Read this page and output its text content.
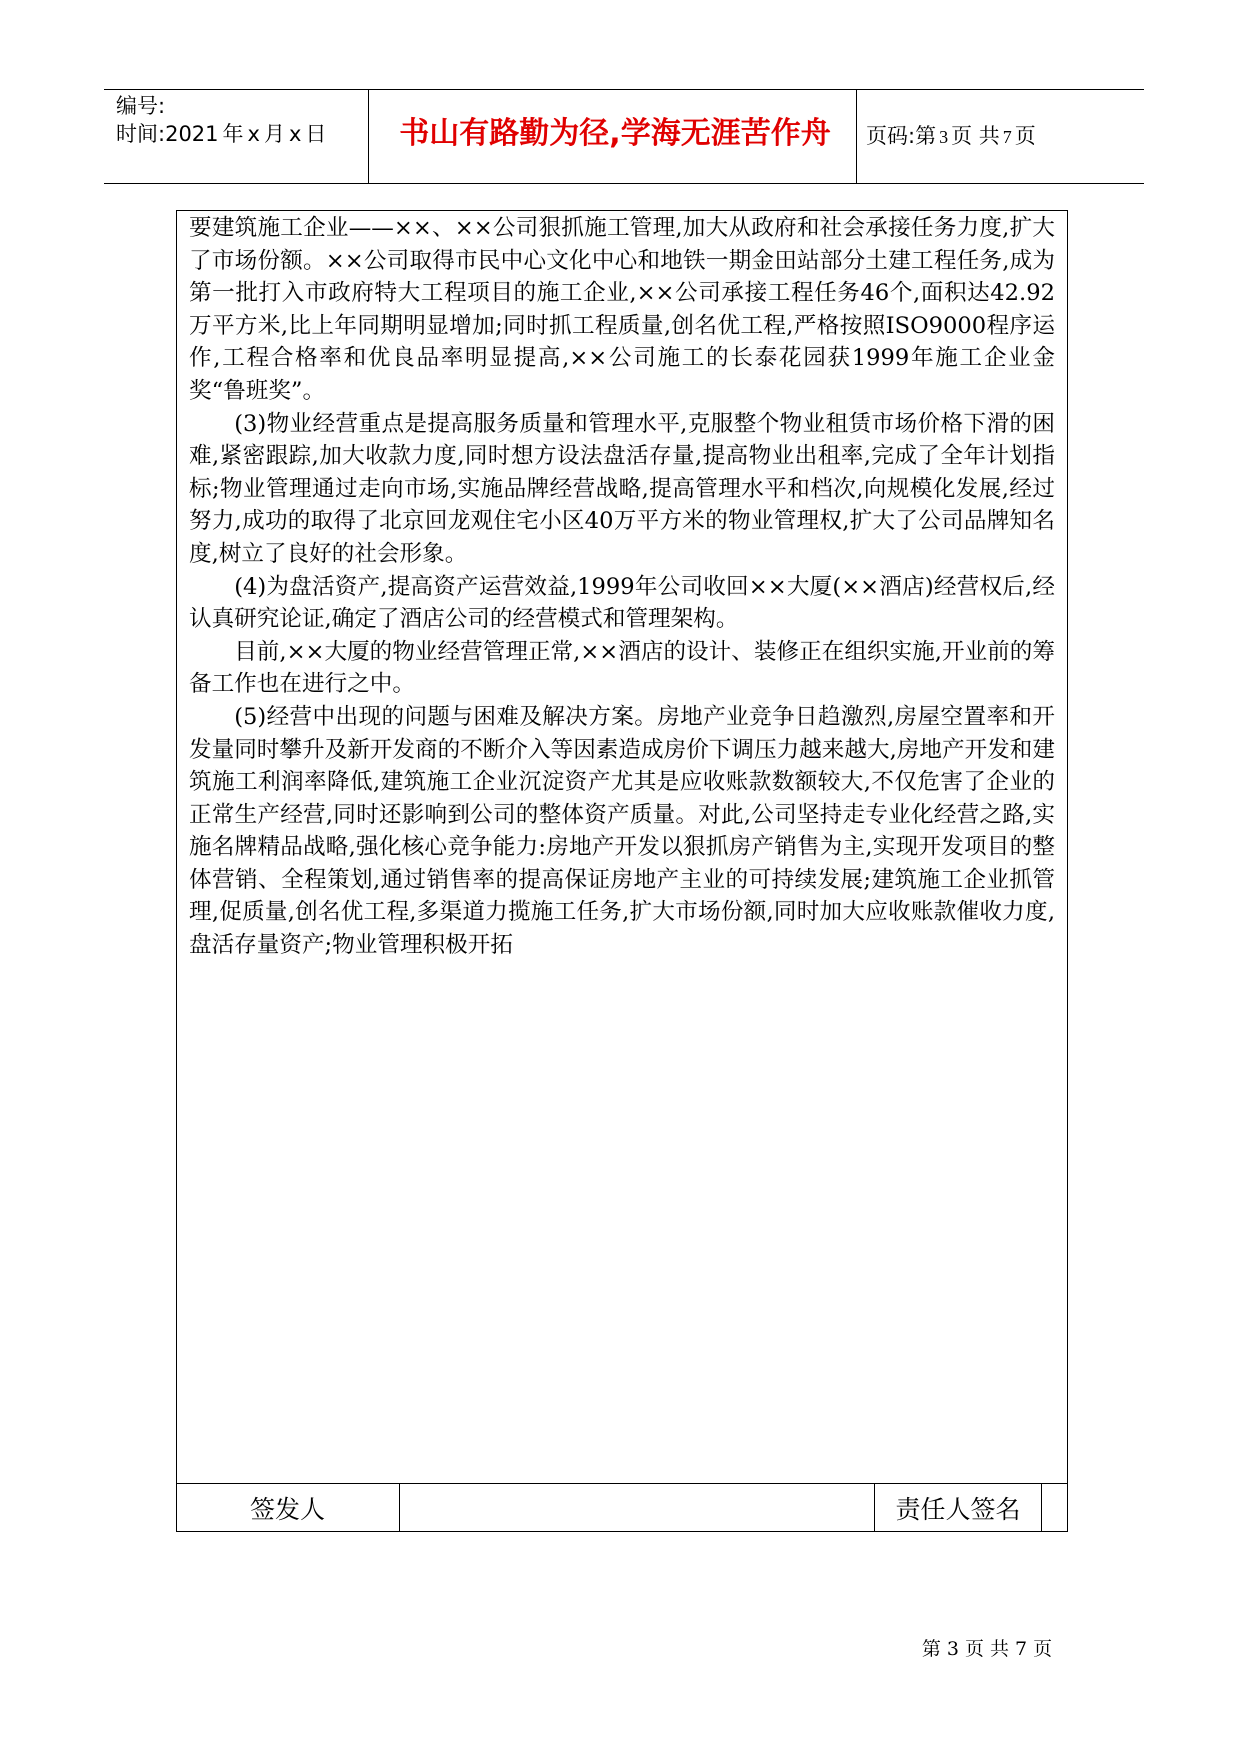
编号:
时间:2021 年 x 月 x 日	书山有路勤为径,学海无涯苦作舟	页码:第 3 页 共 7 页

要建筑施工企业——××、××公司狠抓施工管理,加大从政府和社会承接任务力度,扩大了市场份额。××公司取得市民中心文化中心和地铁一期金田站部分土建工程任务,成为第一批打入市政府特大工程项目的施工企业,××公司承接工程任务46个,面积达42.92万平方米,比上年同期明显增加;同时抓工程质量,创名优工程,严格按照ISO9000程序运作,工程合格率和优良品率明显提高,××公司施工的长泰花园获1999年施工企业金奖“鲁班奖”。

(3)物业经营重点是提高服务质量和管理水平,克服整个物业租赁市场价格下滑的困难,紧密跟踪,加大收款力度,同时想方设法盘活存量,提高物业出租率,完成了全年计划指标;物业管理通过走向市场,实施品牌经营战略,提高管理水平和档次,向规模化发展,经过努力,成功的取得了北京回龙观住宅小区40万平方米的物业管理权,扩大了公司品牌知名度,树立了良好的社会形象。

(4)为盘活资产,提高资产运营效益,1999年公司收回××大厦(××酒店)经营权后,经认真研究论证,确定了酒店公司的经营模式和管理架构。

目前,××大厦的物业经营管理正常,××酒店的设计、装修正在组织实施,开业前的筹备工作也在进行之中。

(5)经营中出现的问题与困难及解决方案。房地产业竞争日趋激烈,房屋空置率和开发量同时攀升及新开发商的不断介入等因素造成房价下调压力越来越大,房地产开发和建筑施工利润率降低,建筑施工企业沉淀资产尤其是应收账款数额较大,不仅危害了企业的正常生产经营,同时还影响到公司的整体资产质量。对此,公司坚持走专业化经营之路,实施名牌精品战略,强化核心竞争能力:房地产开发以狠抓房产销售为主,实现开发项目的整体营销、全程策划,通过销售率的提高保证房地产主业的可持续发展;建筑施工企业抓管理,促质量,创名优工程,多渠道力揽施工任务,扩大市场份额,同时加大应收账款催收力度,盘活存量资产;物业管理积极开拓

签发人	责任人签名
第 3 页 共 7 页
